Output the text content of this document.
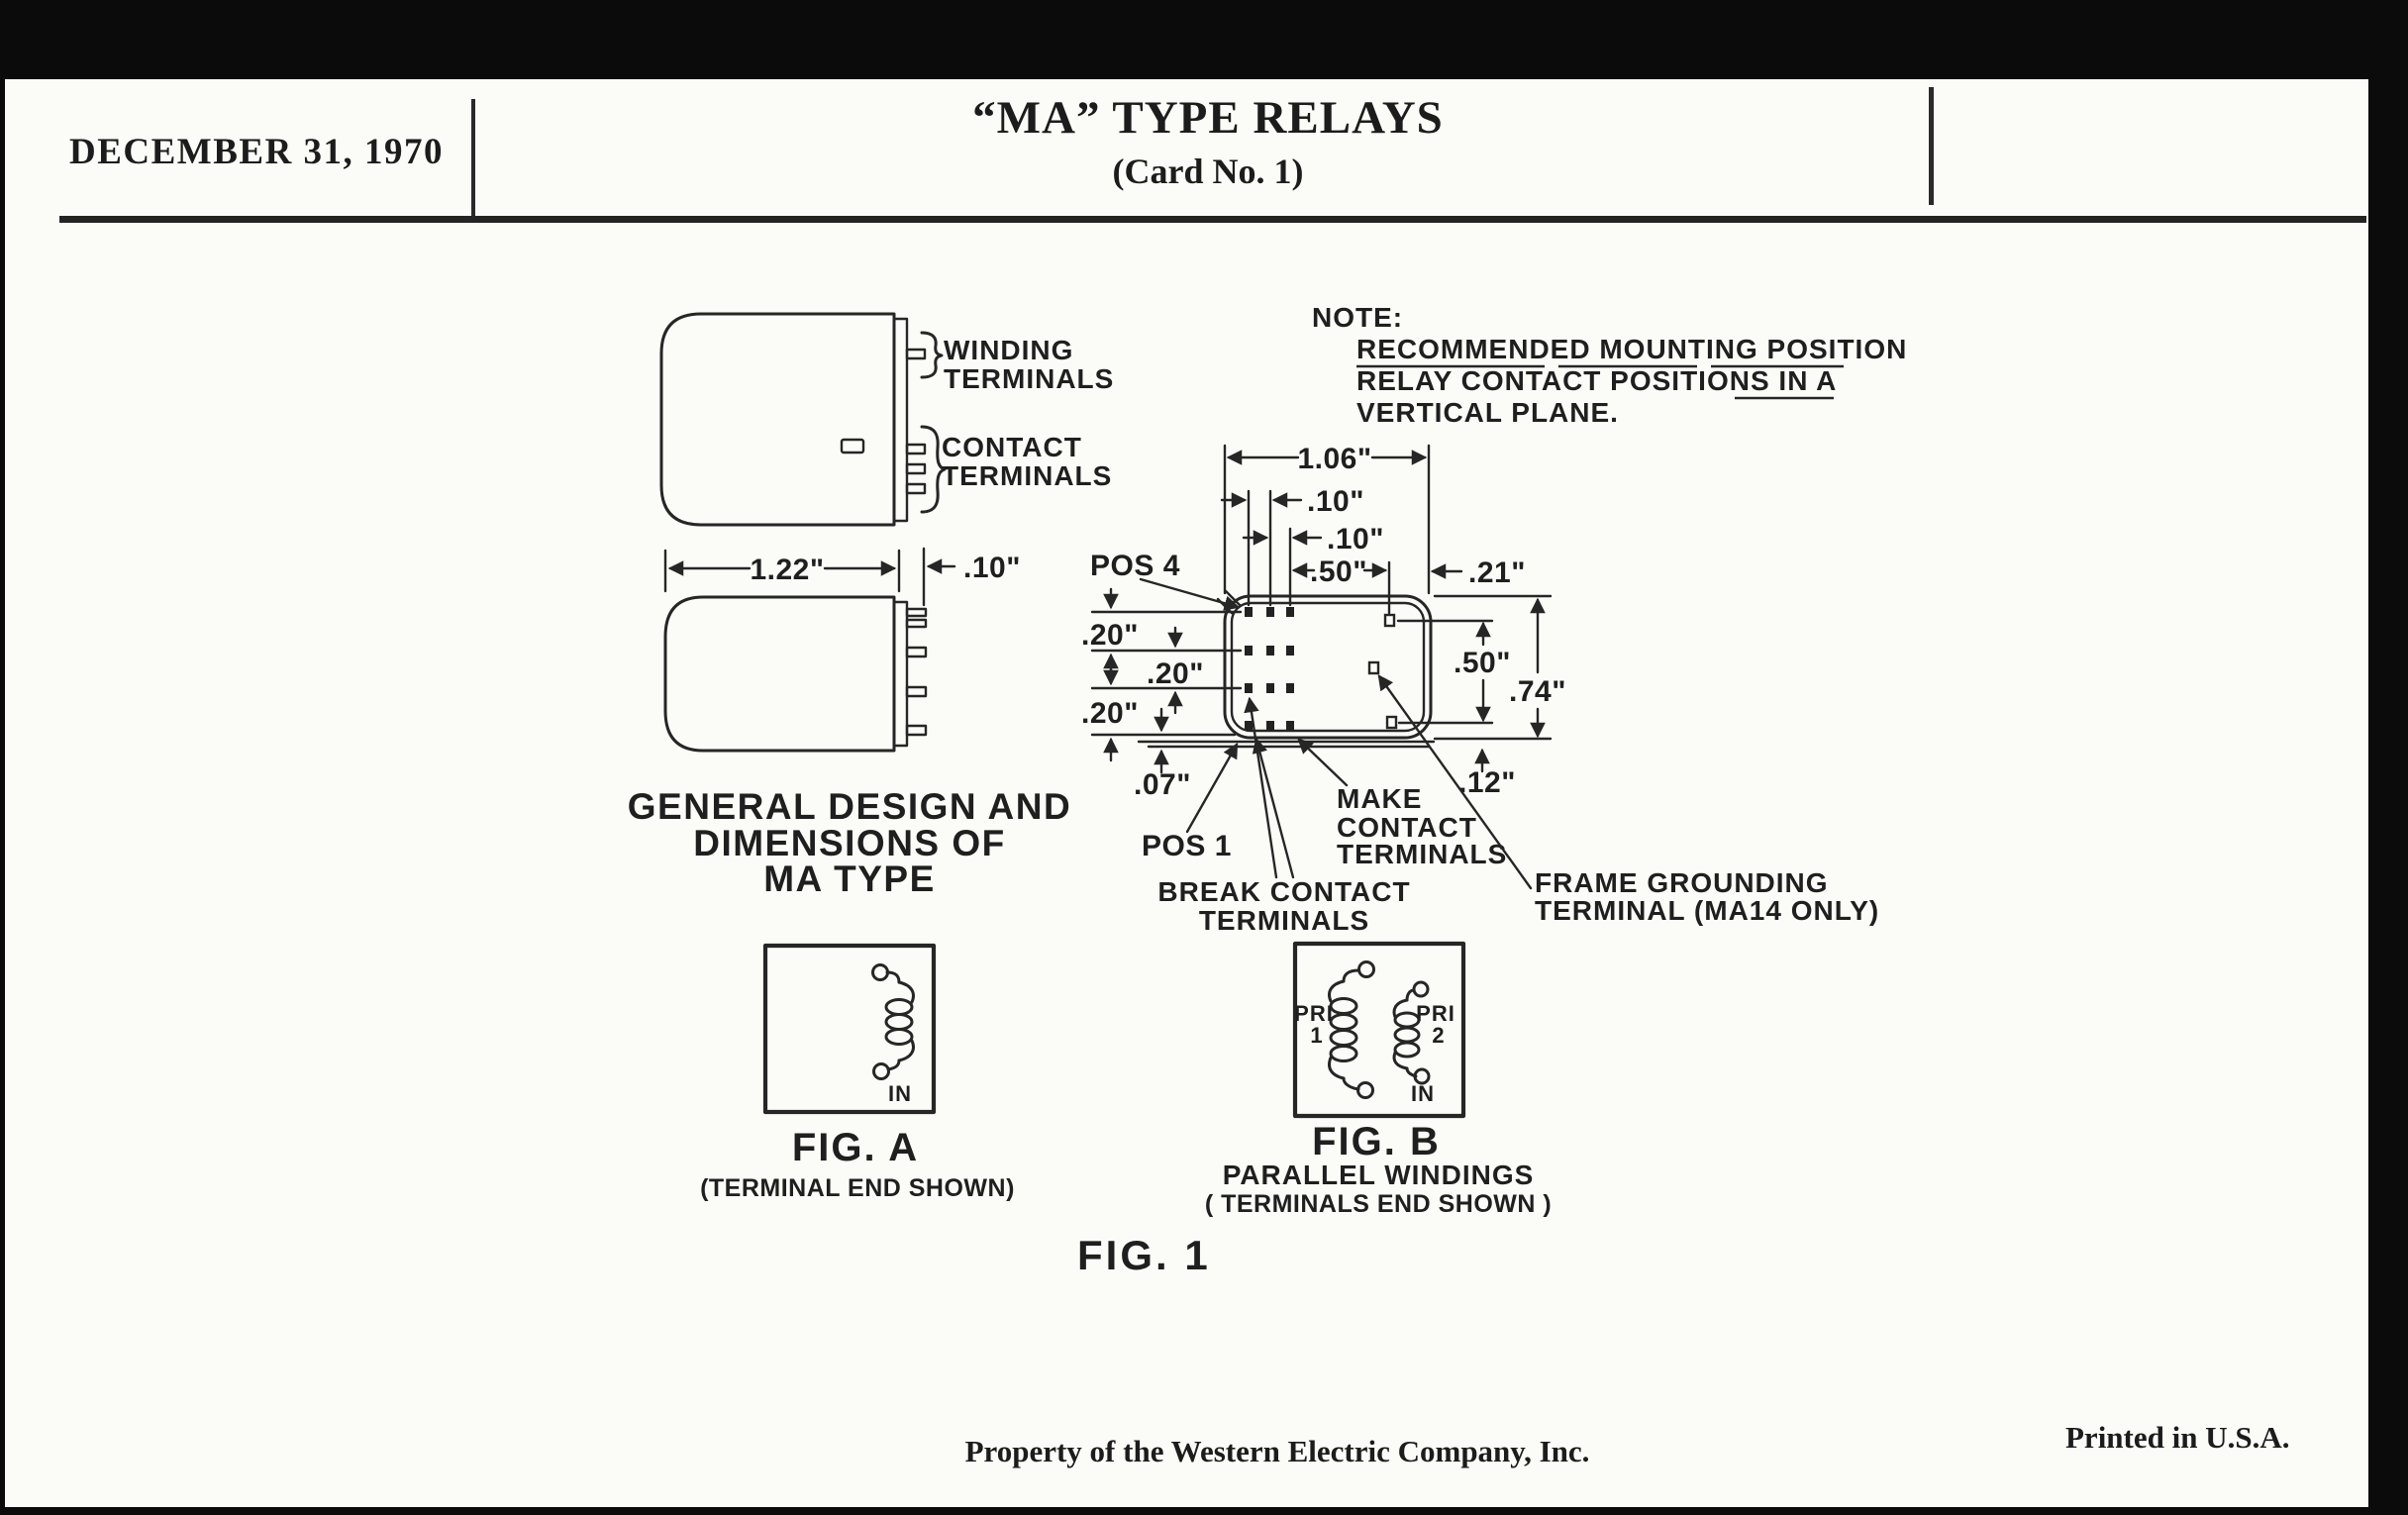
DECEMBER 31, 1970
“MA” TYPE RELAYS
(Card No. 1)
WINDING
TERMINALS
CONTACT
TERMINALS
1.22"	.10"
GENERAL DESIGN AND
DIMENSIONS OF
MA TYPE
NOTE:
RECOMMENDED MOUNTING POSITION
RELAY CONTACT POSITIONS IN A
VERTICAL PLANE.
1.06"
.10"
.10"
.50"	.21"
.20"
.20"
.20"
.07"
.50"
.74"
.12"
POS 4
POS 1
MAKE
CONTACT
TERMINALS
BREAK CONTACT
TERMINALS
FRAME GROUNDING
TERMINAL (MA14 ONLY)
IN
FIG. A
(TERMINAL END SHOWN)
PRI
1
PRI
2
IN
FIG. B
PARALLEL WINDINGS
( TERMINALS END SHOWN )
FIG. 1
Property of the Western Electric Company, Inc.	Printed in U.S.A.
